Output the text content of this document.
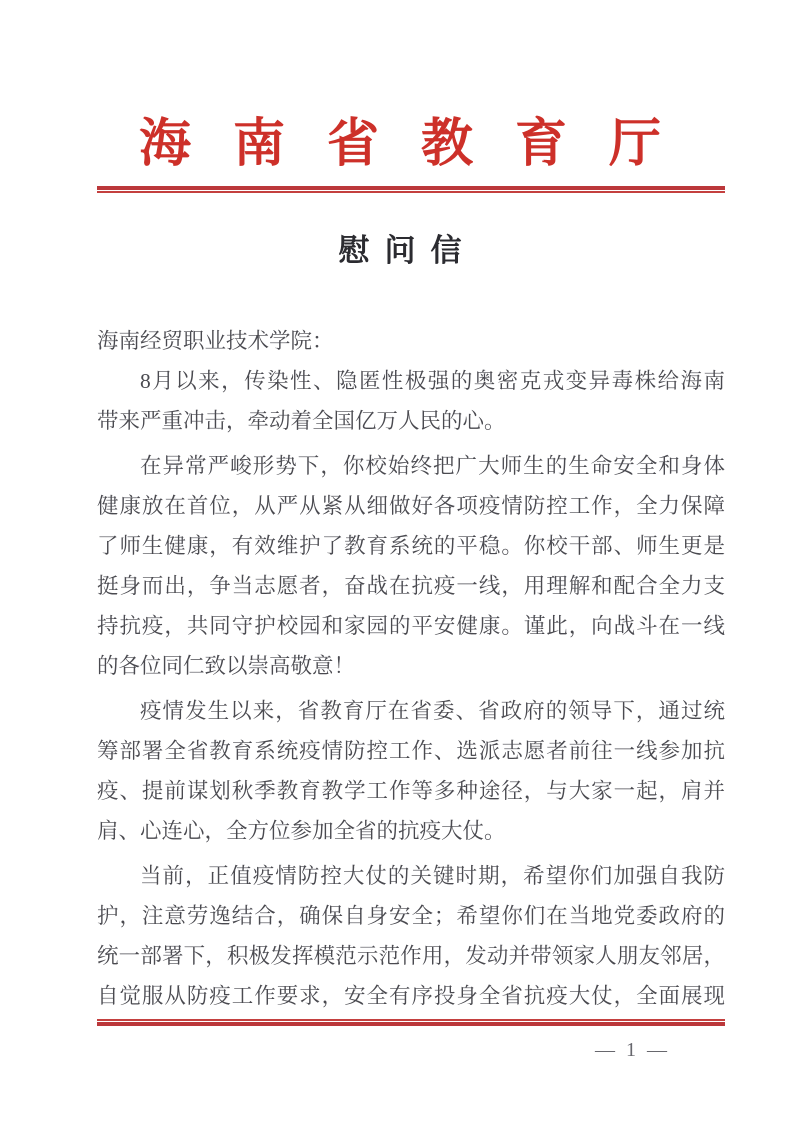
海南省教育厅
慰问信
海南经贸职业技术学院：
8月以来，传染性、隐匿性极强的奥密克戎变异毒株给海南
带来严重冲击，牵动着全国亿万人民的心。
在异常严峻形势下，你校始终把广大师生的生命安全和身体
健康放在首位，从严从紧从细做好各项疫情防控工作，全力保障
了师生健康，有效维护了教育系统的平稳。你校干部、师生更是
挺身而出，争当志愿者，奋战在抗疫一线，用理解和配合全力支
持抗疫，共同守护校园和家园的平安健康。谨此，向战斗在一线
的各位同仁致以崇高敬意！
疫情发生以来，省教育厅在省委、省政府的领导下，通过统
筹部署全省教育系统疫情防控工作、选派志愿者前往一线参加抗
疫、提前谋划秋季教育教学工作等多种途径，与大家一起，肩并
肩、心连心，全方位参加全省的抗疫大仗。
当前，正值疫情防控大仗的关键时期，希望你们加强自我防
护，注意劳逸结合，确保自身安全；希望你们在当地党委政府的
统一部署下，积极发挥模范示范作用，发动并带领家人朋友邻居，
自觉服从防疫工作要求，安全有序投身全省抗疫大仗，全面展现
— 1 —
